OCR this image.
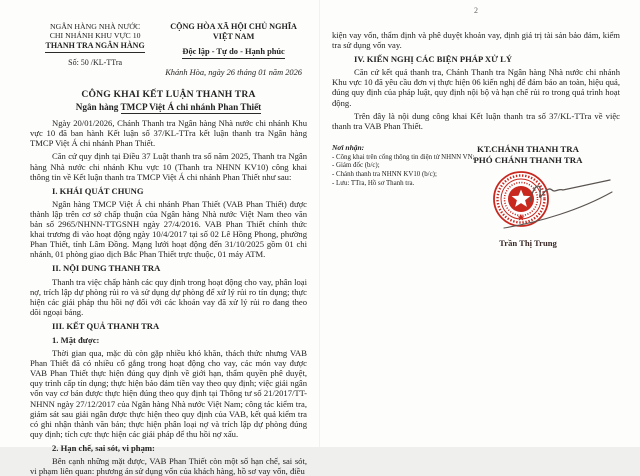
NGÂN HÀNG NHÀ NƯỚC
CHI NHÁNH KHU VỰC 10
THANH TRA NGÂN HÀNG
Số: 50 /KL-TTra
CỘNG HÒA XÃ HỘI CHỦ NGHĨA VIỆT NAM
Độc lập - Tự do - Hạnh phúc
Khánh Hòa, ngày 26 tháng 01 năm 2026
CÔNG KHAI KẾT LUẬN THANH TRA
Ngân hàng TMCP Việt Á chi nhánh Phan Thiết

Ngày 20/01/2026, Chánh Thanh tra Ngân hàng Nhà nước chi nhánh Khu vực 10 đã ban hành Kết luận số 37/KL-TTra kết luận thanh tra Ngân hàng TMCP Việt Á chi nhánh Phan Thiết.

Căn cứ quy định tại Điều 37 Luật thanh tra số năm 2025, Thanh tra Ngân hàng Nhà nước chi nhánh Khu vực 10 (Thanh tra NHNN KV10) công khai thông tin về Kết luận thanh tra TMCP Việt Á chi nhánh Phan Thiết như sau:

I. KHÁI QUÁT CHUNG

Ngân hàng TMCP Việt Á chi nhánh Phan Thiết (VAB Phan Thiết) được thành lập trên cơ sở chấp thuận của Ngân hàng Nhà nước Việt Nam theo văn bản số 2965/NHNN-TTGSNH ngày 27/4/2016. VAB Phan Thiết chính thức khai trương đi vào hoạt động ngày 10/4/2017 tại số 02 Lê Hồng Phong, phường Phan Thiết, tỉnh Lâm Đồng. Mạng lưới hoạt động đến 31/10/2025 gồm 01 chi nhánh, 01 phòng giao dịch Bắc Phan Thiết trực thuộc, 01 máy ATM.

II. NỘI DUNG THANH TRA

Thanh tra việc chấp hành các quy định trong hoạt động cho vay, phân loại nợ, trích lập dự phòng rủi ro và sử dụng dự phòng để xử lý rủi ro tín dụng; thực hiện các giải pháp thu hồi nợ đối với các khoản vay đã xử lý rủi ro đang theo dõi ngoại bảng.

III. KẾT QUẢ THANH TRA
1. Mặt được:

Thời gian qua, mặc dù còn gặp nhiều khó khăn, thách thức nhưng VAB Phan Thiết đã có nhiều cố gắng trong hoạt động cho vay, các món vay được VAB Phan Thiết thực hiện đúng quy định về giới hạn, thẩm quyền phê duyệt, quy trình cấp tín dụng; thực hiện bảo đảm tiền vay theo quy định; việc giải ngân vốn vay cơ bản được thực hiện đúng theo quy định tại Thông tư số 21/2017/TT-NHNN ngày 27/12/2017 của Ngân hàng Nhà nước Việt Nam; công tác kiểm tra, giám sát sau giải ngân được thực hiện theo quy định của VAB, kết quả kiểm tra có ghi nhận thành văn bản; thực hiện phân loại nợ và trích lập dự phòng đúng quy định; tích cực thực hiện các giải pháp để thu hồi nợ xấu.

2. Hạn chế, sai sót, vi phạm:

Bên cạnh những mặt được, VAB Phan Thiết còn một số hạn chế, sai sót, vi phạm liên quan: phương án sử dụng vốn của khách hàng, hồ sơ vay vốn, điều

2

kiện vay vốn, thẩm định và phê duyệt khoản vay, định giá trị tài sản bảo đảm, kiểm tra sử dụng vốn vay.

IV. KIẾN NGHỊ CÁC BIỆN PHÁP XỬ LÝ

Căn cứ kết quả thanh tra, Chánh Thanh tra Ngân hàng Nhà nước chi nhánh Khu vực 10 đã yêu cầu đơn vị thực hiện 06 kiến nghị để đảm bảo an toàn, hiệu quả, đúng quy định của pháp luật, quy định nội bộ và hạn chế rủi ro trong quá trình hoạt động.

Trên đây là nội dung công khai Kết luận thanh tra số 37/KL-TTra về việc thanh tra VAB Phan Thiết.

Nơi nhận:
- Công khai trên cổng thông tin điện tử NHNN VN;
- Giám đốc (b/c);
- Chánh thanh tra NHNN KV10 (b/c);
- Lưu: TTra, Hồ sơ Thanh tra.
KT.CHÁNH THANH TRA
PHÓ CHÁNH THANH TRA
Trần Thị Trung
